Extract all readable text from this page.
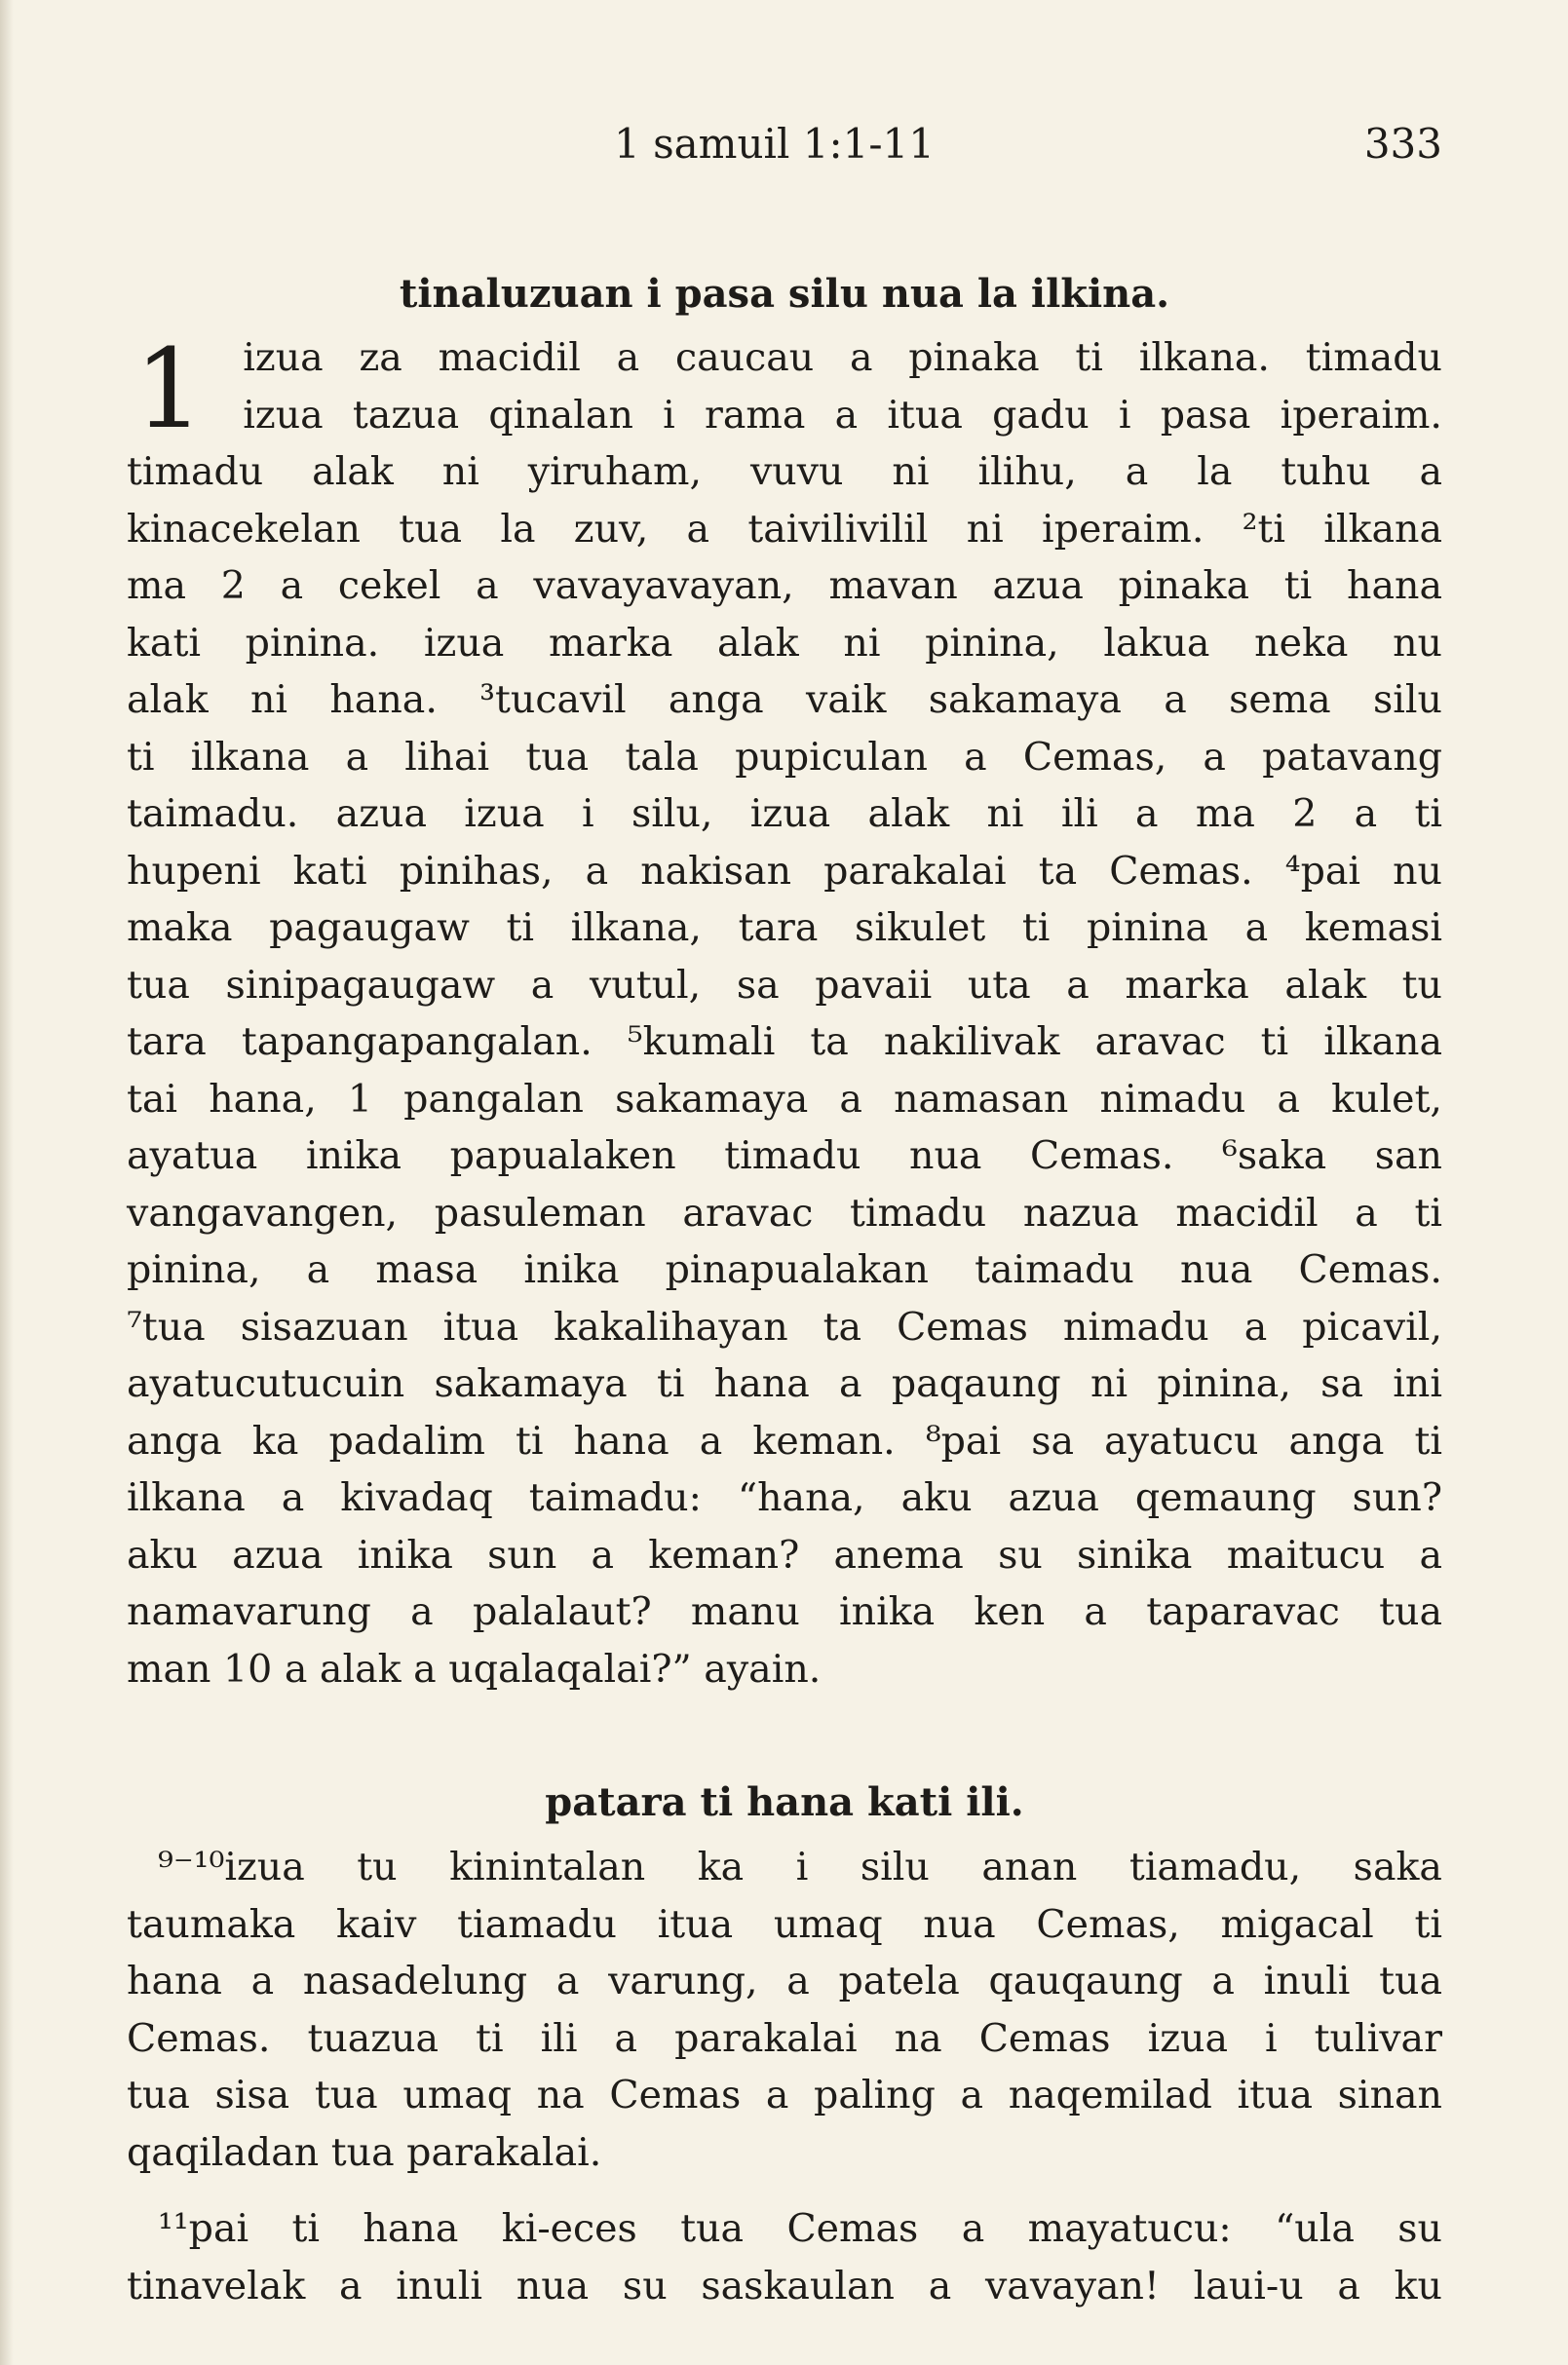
1 samuil 1:1-11	333
tinaluzuan i pasa silu nua la ilkina.
1	izua za macidil a caucau a pinaka ti ilkana. timadu
izua tazua qinalan i rama a itua gadu i pasa iperaim.
timadu alak ni yiruham, vuvu ni ilihu, a la tuhu a
kinacekelan tua la zuv, a taivilivilil ni iperaim. ²ti ilkana
ma 2 a cekel a vavayavayan, mavan azua pinaka ti hana
kati pinina. izua marka alak ni pinina, lakua neka nu
alak ni hana. ³tucavil anga vaik sakamaya a sema silu
ti ilkana a lihai tua tala pupiculan a Cemas, a patavang
taimadu. azua izua i silu, izua alak ni ili a ma 2 a ti
hupeni kati pinihas, a nakisan parakalai ta Cemas. ⁴pai nu
maka pagaugaw ti ilkana, tara sikulet ti pinina a kemasi
tua sinipagaugaw a vutul, sa pavaii uta a marka alak tu
tara tapangapangalan. ⁵kumali ta nakilivak aravac ti ilkana
tai hana, 1 pangalan sakamaya a namasan nimadu a kulet,
ayatua inika papualaken timadu nua Cemas. ⁶saka san
vangavangen, pasuleman aravac timadu nazua macidil a ti
pinina, a masa inika pinapualakan taimadu nua Cemas.
⁷tua sisazuan itua kakalihayan ta Cemas nimadu a picavil,
ayatucutucuin sakamaya ti hana a paqaung ni pinina, sa ini
anga ka padalim ti hana a keman. ⁸pai sa ayatucu anga ti
ilkana a kivadaq taimadu: “hana, aku azua qemaung sun?
aku azua inika sun a keman? anema su sinika maitucu a
namavarung a palalaut? manu inika ken a taparavac tua
man 10 a alak a uqalaqalai?” ayain.
patara ti hana kati ili.
⁹⁻¹⁰izua tu kinintalan ka i silu anan tiamadu, saka
taumaka kaiv tiamadu itua umaq nua Cemas, migacal ti
hana a nasadelung a varung, a patela qauqaung a inuli tua
Cemas. tuazua ti ili a parakalai na Cemas izua i tulivar
tua sisa tua umaq na Cemas a paling a naqemilad itua sinan
qaqiladan tua parakalai.
¹¹pai ti hana ki-eces tua Cemas a mayatucu: “ula su
tinavelak a inuli nua su saskaulan a vavayan! laui-u a ku
